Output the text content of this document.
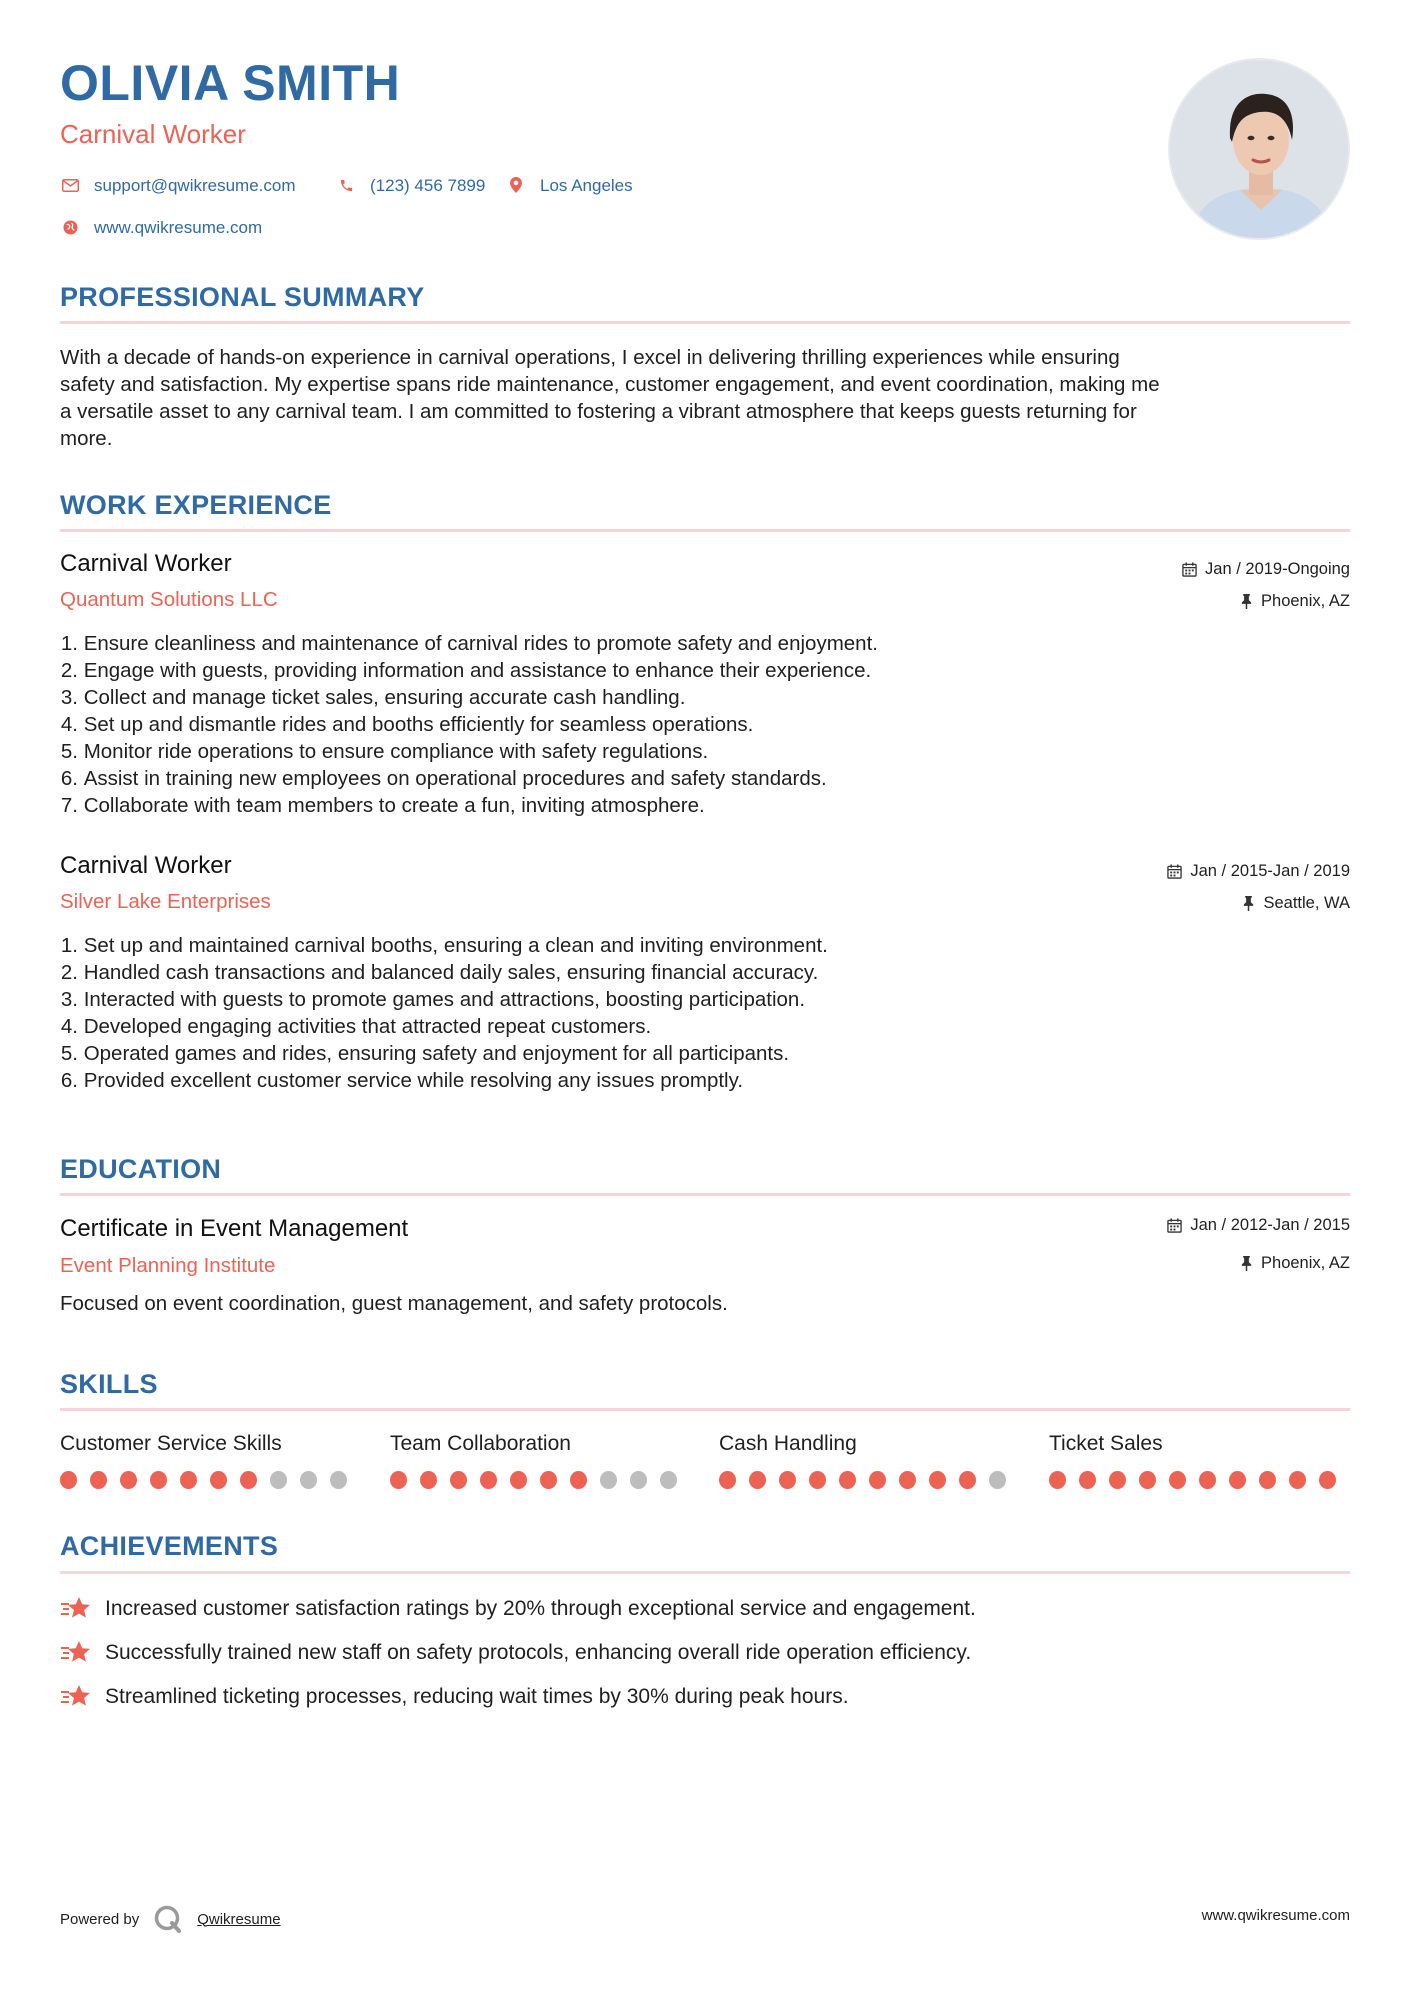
OLIVIA SMITH
Carnival Worker
support@qwikresume.com	(123) 456 7899	Los Angeles
www.qwikresume.com
PROFESSIONAL SUMMARY
With a decade of hands-on experience in carnival operations, I excel in delivering thrilling experiences while ensuring
safety and satisfaction. My expertise spans ride maintenance, customer engagement, and event coordination, making me
a versatile asset to any carnival team. I am committed to fostering a vibrant atmosphere that keeps guests returning for
more.
WORK EXPERIENCE
Carnival Worker
Quantum Solutions LLC
Jan / 2019-Ongoing
Phoenix, AZ
1.
Ensure cleanliness and maintenance of carnival rides to promote safety and enjoyment.
2.
Engage with guests, providing information and assistance to enhance their experience.
3.
Collect and manage ticket sales, ensuring accurate cash handling.
4.
Set up and dismantle rides and booths efficiently for seamless operations.
5.
Monitor ride operations to ensure compliance with safety regulations.
6.
Assist in training new employees on operational procedures and safety standards.
7.
Collaborate with team members to create a fun, inviting atmosphere.
Carnival Worker
Silver Lake Enterprises
Jan / 2015-Jan / 2019
Seattle, WA
1.
Set up and maintained carnival booths, ensuring a clean and inviting environment.
2.
Handled cash transactions and balanced daily sales, ensuring financial accuracy.
3.
Interacted with guests to promote games and attractions, boosting participation.
4.
Developed engaging activities that attracted repeat customers.
5.
Operated games and rides, ensuring safety and enjoyment for all participants.
6.
Provided excellent customer service while resolving any issues promptly.
EDUCATION
Certificate in Event Management
Event Planning Institute
Jan / 2012-Jan / 2015
Phoenix, AZ
Focused on event coordination, guest management, and safety protocols.
SKILLS
Customer Service Skills	Team Collaboration	Cash Handling	Ticket Sales
ACHIEVEMENTS
Increased customer satisfaction ratings by 20% through exceptional service and engagement.
Successfully trained new staff on safety protocols, enhancing overall ride operation efficiency.
Streamlined ticketing processes, reducing wait times by 30% during peak hours.
Powered by	Qwikresume	www.qwikresume.com
